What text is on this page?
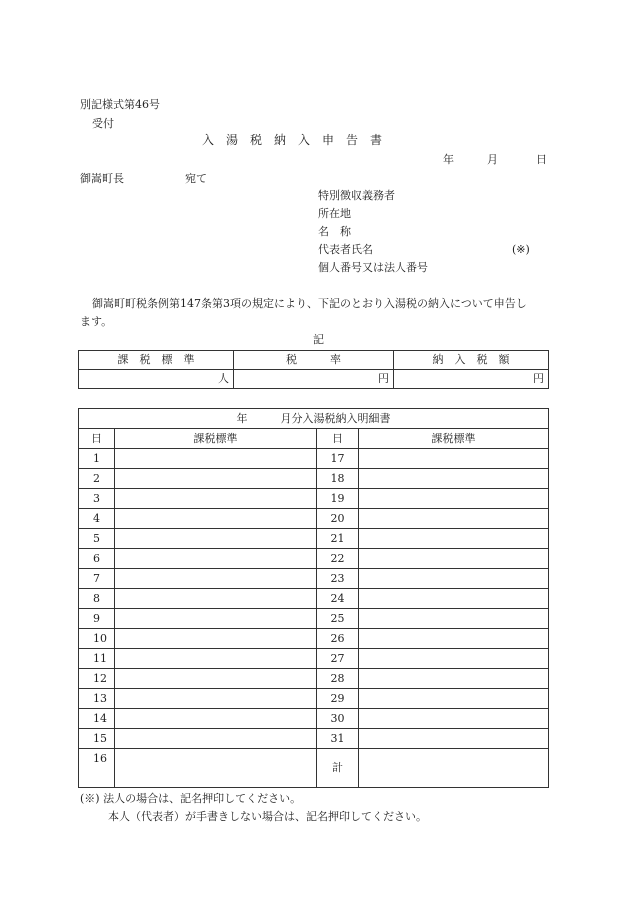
別記様式第46号
受付
入　湯　税　納　入　申　告　書
年	月	日
御嵩町長	宛て
特別徴収義務者
所在地
名　称
代表者氏名	(※)
個人番号又は法人番号
御嵩町町税条例第147条第3項の規定により、下記のとおり入湯税の納入について申告し
ます。
記
課　税　標　準	税　　　率	納　入　税　額
人	円	円
年　　　月分入湯税納入明細書			
日	課税標準	日	課税標準
1		17	
2		18	
3		19	
4		20	
5		21	
6		22	
7		23	
8		24	
9		25	
10		26	
11		27	
12		28	
13		29	
14		30	
15		31	
16		計	

(※) 法人の場合は、記名押印してください。
本人（代表者）が手書きしない場合は、記名押印してください。
